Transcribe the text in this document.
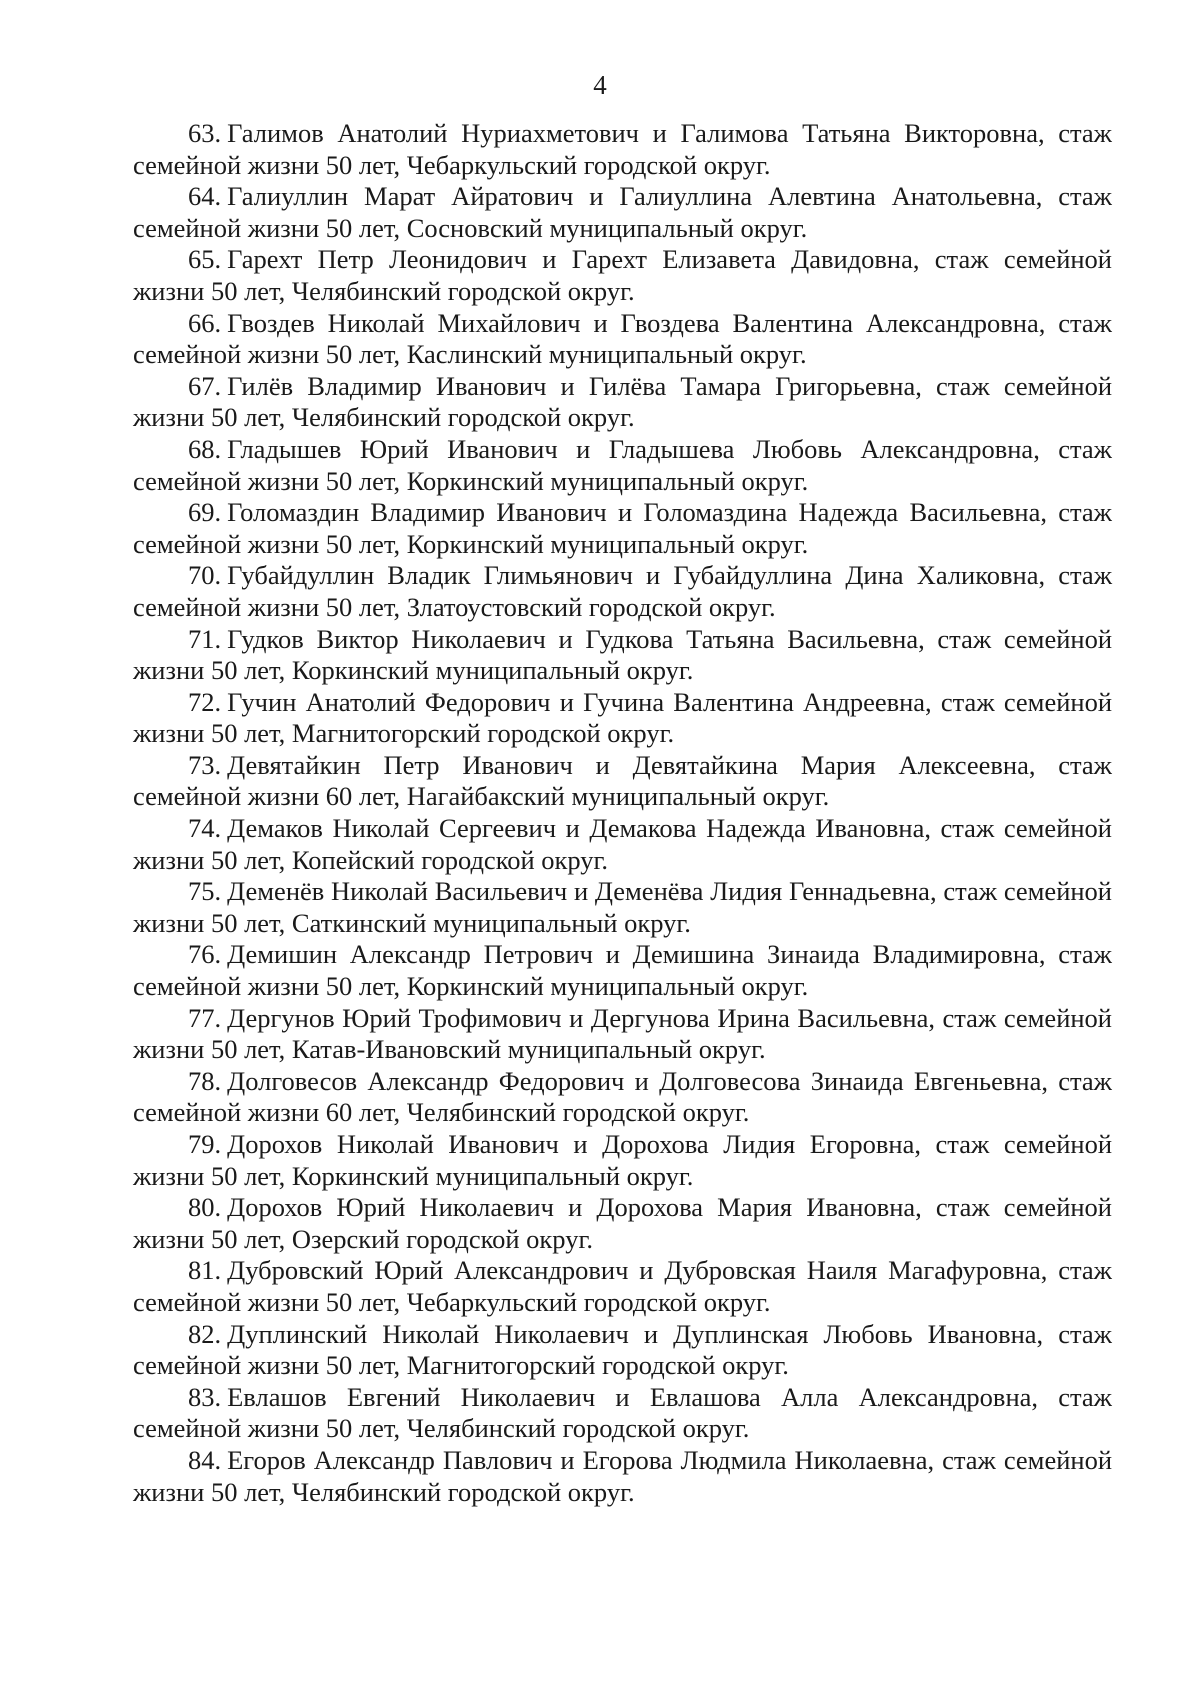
4

63. Галимов Анатолий Нуриахметович и Галимова Татьяна Викторовна, стаж семейной жизни 50 лет, Чебаркульский городской округ.

64. Галиуллин Марат Айратович и Галиуллина Алевтина Анатольевна, стаж семейной жизни 50 лет, Сосновский муниципальный округ.

65. Гарехт Петр Леонидович и Гарехт Елизавета Давидовна, стаж семейной жизни 50 лет, Челябинский городской округ.

66. Гвоздев Николай Михайлович и Гвоздева Валентина Александровна, стаж семейной жизни 50 лет, Каслинский муниципальный округ.

67. Гилёв Владимир Иванович и Гилёва Тамара Григорьевна, стаж семейной жизни 50 лет, Челябинский городской округ.

68. Гладышев Юрий Иванович и Гладышева Любовь Александровна, стаж семейной жизни 50 лет, Коркинский муниципальный округ.

69. Голомаздин Владимир Иванович и Голомаздина Надежда Васильевна, стаж семейной жизни 50 лет, Коркинский муниципальный округ.

70. Губайдуллин Владик Глимьянович и Губайдуллина Дина Халиковна, стаж семейной жизни 50 лет, Златоустовский городской округ.

71. Гудков Виктор Николаевич и Гудкова Татьяна Васильевна, стаж семейной жизни 50 лет, Коркинский муниципальный округ.

72. Гучин Анатолий Федорович и Гучина Валентина Андреевна, стаж семейной жизни 50 лет, Магнитогорский городской округ.

73. Девятайкин Петр Иванович и Девятайкина Мария Алексеевна, стаж семейной жизни 60 лет, Нагайбакский муниципальный округ.

74. Демаков Николай Сергеевич и Демакова Надежда Ивановна, стаж семейной жизни 50 лет, Копейский городской округ.

75. Деменёв Николай Васильевич и Деменёва Лидия Геннадьевна, стаж семейной жизни 50 лет, Саткинский муниципальный округ.

76. Демишин Александр Петрович и Демишина Зинаида Владимировна, стаж семейной жизни 50 лет, Коркинский муниципальный округ.

77. Дергунов Юрий Трофимович и Дергунова Ирина Васильевна, стаж семейной жизни 50 лет, Катав-Ивановский муниципальный округ.

78. Долговесов Александр Федорович и Долговесова Зинаида Евгеньевна, стаж семейной жизни 60 лет, Челябинский городской округ.

79. Дорохов Николай Иванович и Дорохова Лидия Егоровна, стаж семейной жизни 50 лет, Коркинский муниципальный округ.

80. Дорохов Юрий Николаевич и Дорохова Мария Ивановна, стаж семейной жизни 50 лет, Озерский городской округ.

81. Дубровский Юрий Александрович и Дубровская Наиля Магафуровна, стаж семейной жизни 50 лет, Чебаркульский городской округ.

82. Дуплинский Николай Николаевич и Дуплинская Любовь Ивановна, стаж семейной жизни 50 лет, Магнитогорский городской округ.

83. Евлашов Евгений Николаевич и Евлашова Алла Александровна, стаж семейной жизни 50 лет, Челябинский городской округ.

84. Егоров Александр Павлович и Егорова Людмила Николаевна, стаж семейной жизни 50 лет, Челябинский городской округ.
